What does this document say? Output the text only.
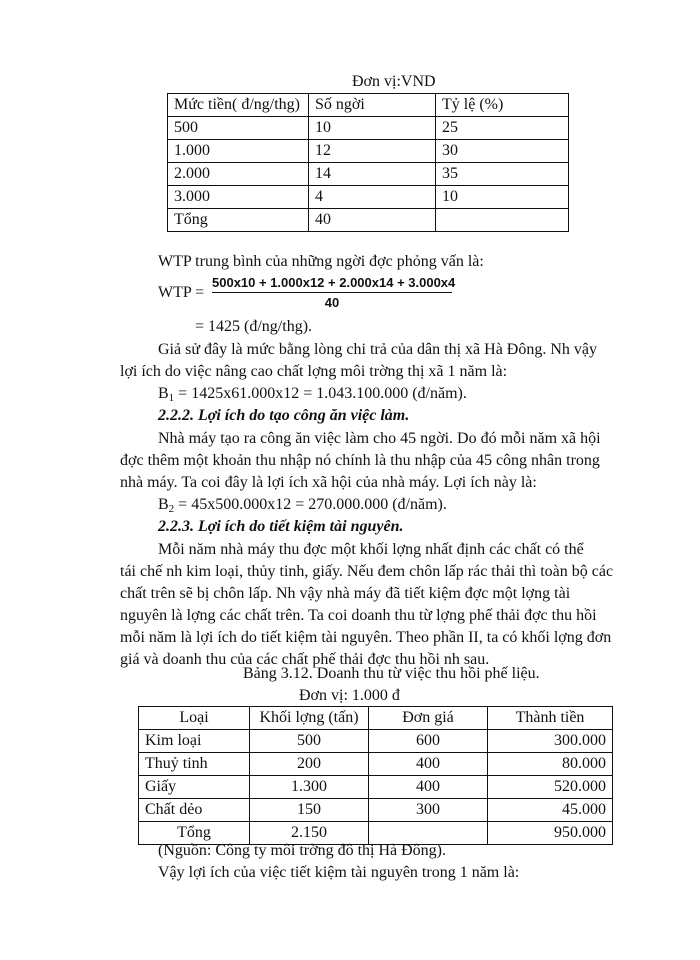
Đơn vị:VND
Mức tiền( đ/ng/thg)	Số ngời	Tỷ lệ (%)
500	10	25
1.000	12	30
2.000	14	35
3.000	4	10
Tổng	40	
WTP trung bình của những ngời đợc phỏng vấn là:
WTP =
500x10 + 1.000x12 + 2.000x14 + 3.000x4
40
= 1425 (đ/ng/thg).
Giả sử đây là mức bằng lòng chi trả của dân thị xã Hà Đông. Nh vậy
lợi ích do việc nâng cao chất lợng môi trờng thị xã 1 năm là:
$B_1 = 1425x61.000x12 = 1.043.100.000$ (đ/năm).
2.2.2. Lợi ích do tạo công ăn việc làm.
Nhà máy tạo ra công ăn việc làm cho 45 ngời. Do đó mỗi năm xã hội
đợc thêm một khoản thu nhập nó chính là thu nhập của 45 công nhân trong
nhà máy. Ta coi đây là lợi ích xã hội của nhà máy. Lợi ích này là:
$B_2 = 45x500.000x12 = 270.000.000$ (đ/năm).
2.2.3. Lợi ích do tiết kiệm tài nguyên.
Mỗi năm nhà máy thu đợc một khối lợng nhất định các chất có thể
tái chế nh kim loại, thủy tinh, giấy. Nếu đem chôn lấp rác thải thì toàn bộ các
chất trên sẽ bị chôn lấp. Nh vậy nhà máy đã tiết kiệm đợc một lợng tài
nguyên là lợng các chất trên. Ta coi doanh thu từ lợng phế thải đợc thu hồi
mỗi năm là lợi ích do tiết kiệm tài nguyên. Theo phần II, ta có khối lợng đơn
giá và doanh thu của các chất phế thải đợc thu hồi nh sau.
Bảng 3.12. Doanh thu từ việc thu hồi phế liệu.
Đơn vị: 1.000 đ
Loại	Khối lợng (tấn)	Đơn giá	Thành tiền
Kim loại	500	600	300.000
Thuỷ tinh	200	400	80.000
Giấy	1.300	400	520.000
Chất dẻo	150	300	45.000
Tổng	2.150		950.000
(Nguồn: Công ty môi trờng đô thị Hà Đông).
Vậy lợi ích của việc tiết kiệm tài nguyên trong 1 năm là:
